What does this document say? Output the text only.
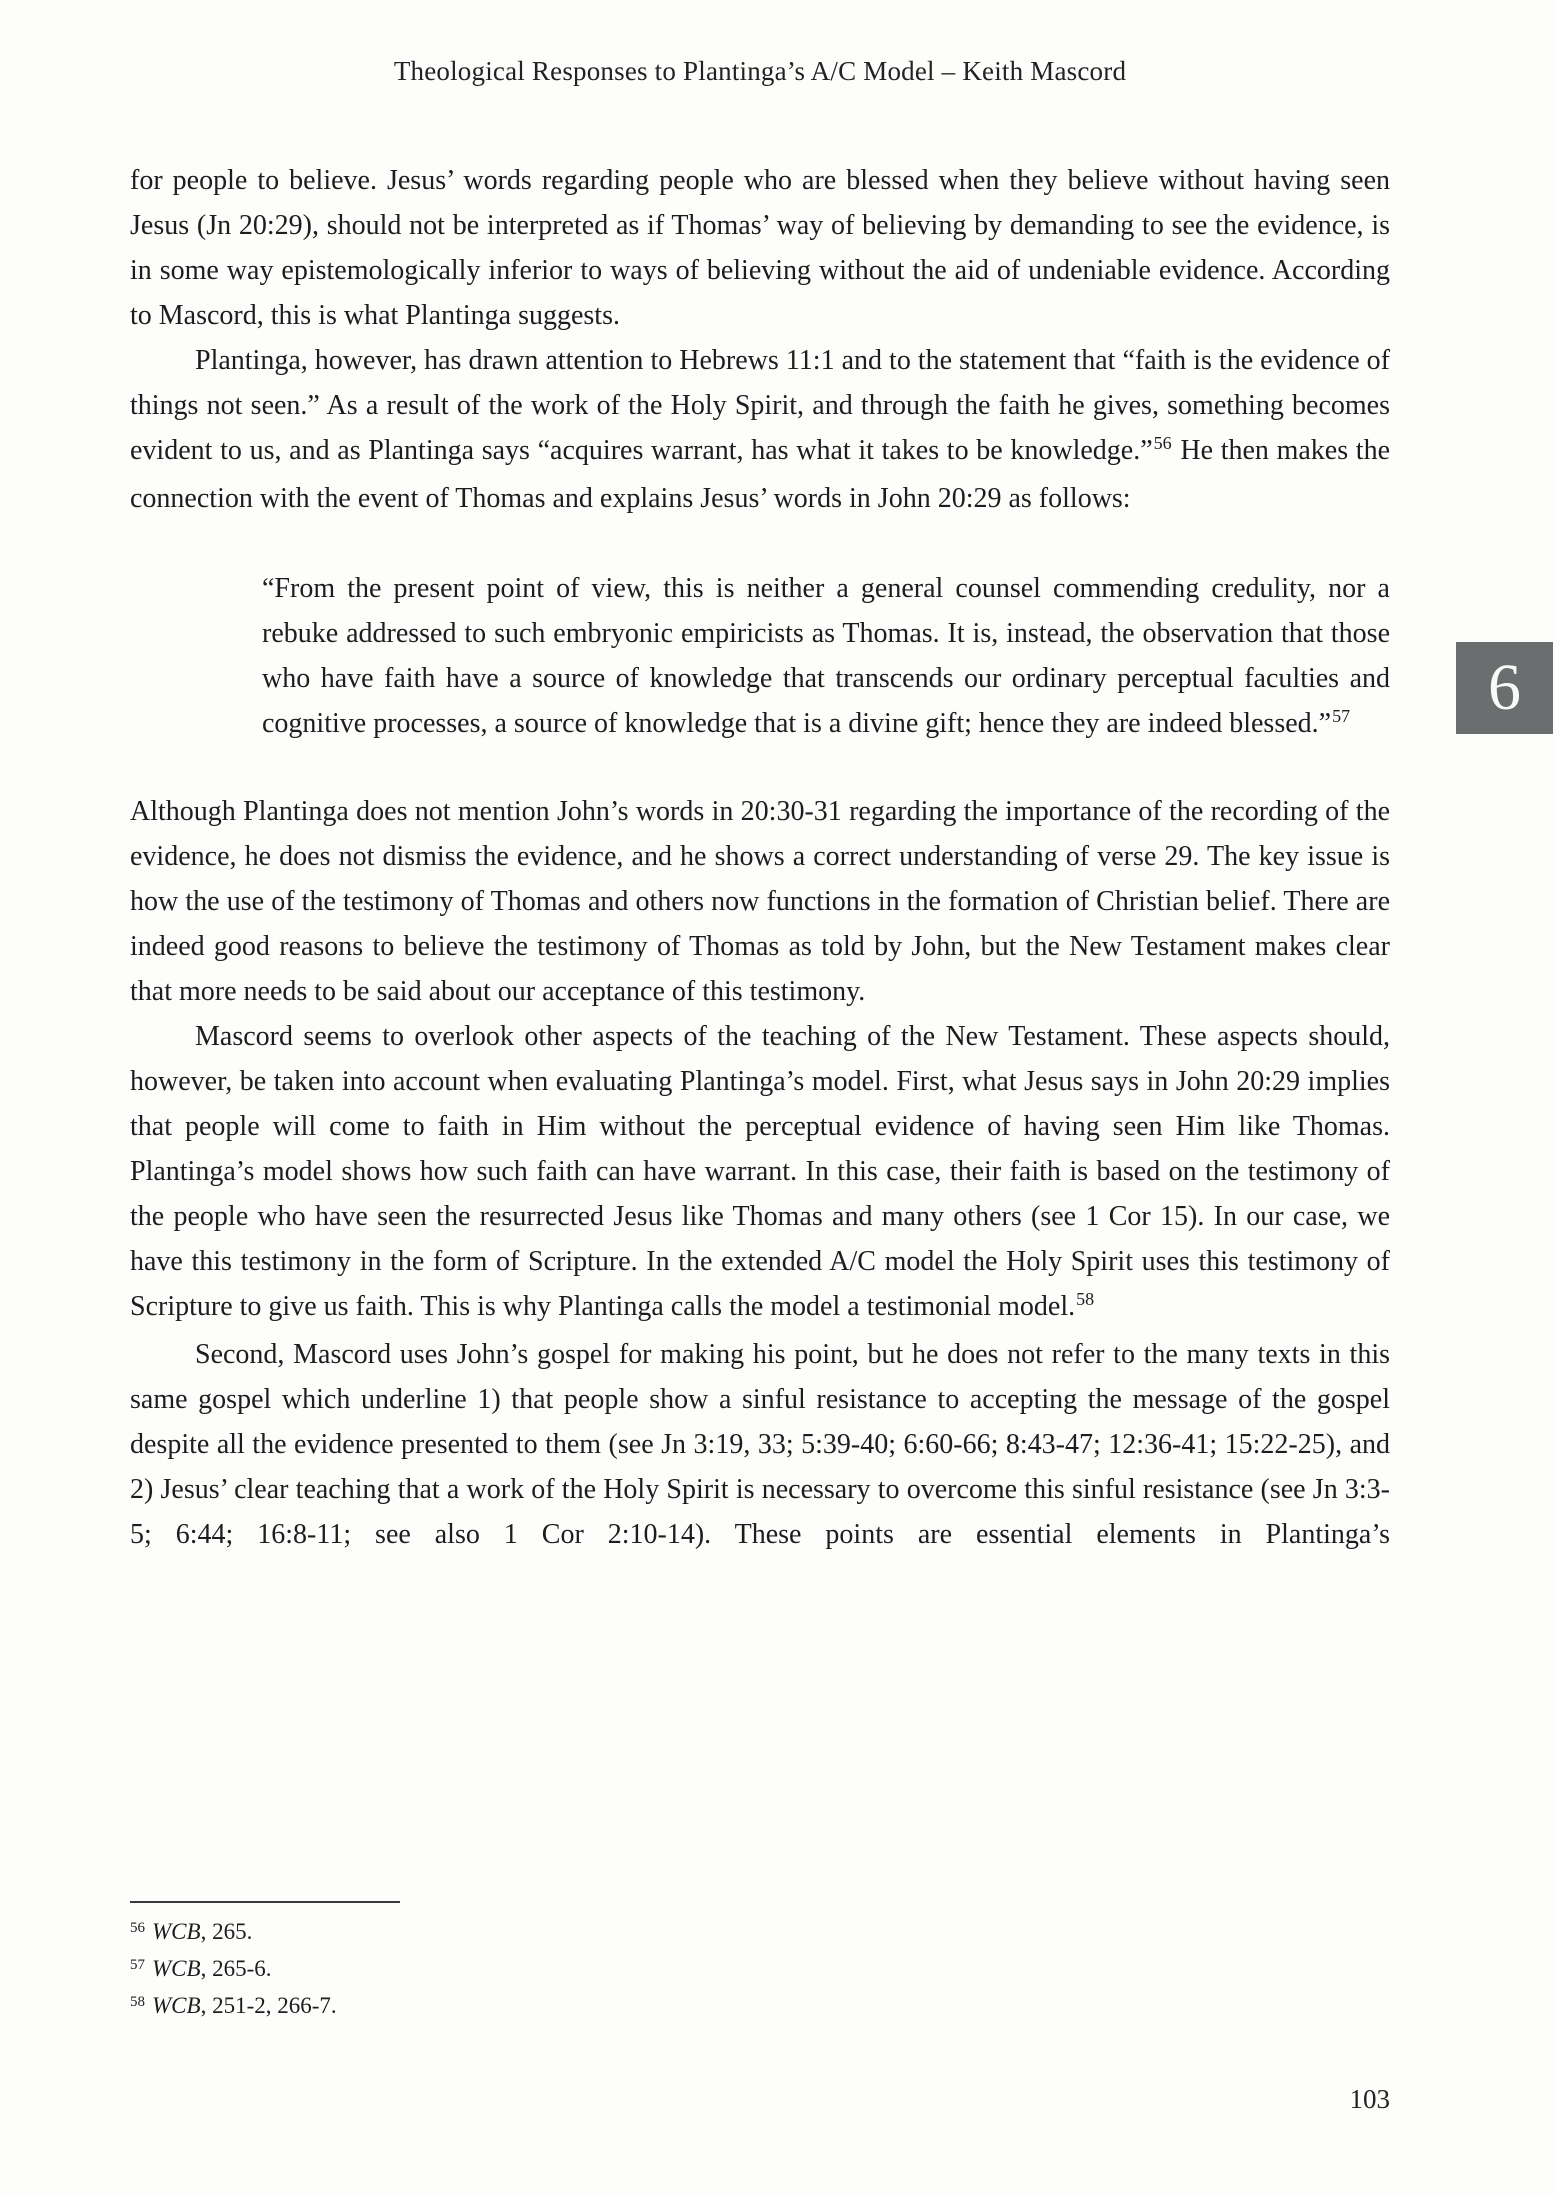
Theological Responses to Plantinga’s A/C Model – Keith Mascord
6

for people to believe. Jesus’ words regarding people who are blessed when they believe without having seen Jesus (Jn 20:29), should not be interpreted as if Thomas’ way of believing by demanding to see the evidence, is in some way epistemologically inferior to ways of believing without the aid of undeniable evidence. According to Mascord, this is what Plantinga suggests.

Plantinga, however, has drawn attention to Hebrews 11:1 and to the statement that “faith is the evidence of things not seen.” As a result of the work of the Holy Spirit, and through the faith he gives, something becomes evident to us, and as Plantinga says “acquires warrant, has what it takes to be knowledge.”$^{56}$ He then makes the connection with the event of Thomas and explains Jesus’ words in John 20:29 as follows:

“From the present point of view, this is neither a general counsel commending credulity, nor a rebuke addressed to such embryonic empiricists as Thomas. It is, instead, the observation that those who have faith have a source of knowledge that transcends our ordinary perceptual faculties and cognitive processes, a source of knowledge that is a divine gift; hence they are indeed blessed.”$^{57}$

Although Plantinga does not mention John’s words in 20:30-31 regarding the importance of the recording of the evidence, he does not dismiss the evidence, and he shows a correct understanding of verse 29. The key issue is how the use of the testimony of Thomas and others now functions in the formation of Christian belief. There are indeed good reasons to believe the testimony of Thomas as told by John, but the New Testament makes clear that more needs to be said about our acceptance of this testimony.

Mascord seems to overlook other aspects of the teaching of the New Testament. These aspects should, however, be taken into account when evaluating Plantinga’s model. First, what Jesus says in John 20:29 implies that people will come to faith in Him without the perceptual evidence of having seen Him like Thomas. Plantinga’s model shows how such faith can have warrant. In this case, their faith is based on the testimony of the people who have seen the resurrected Jesus like Thomas and many others (see 1 Cor 15). In our case, we have this testimony in the form of Scripture. In the extended A/C model the Holy Spirit uses this testimony of Scripture to give us faith. This is why Plantinga calls the model a testimonial model.$^{58}$

Second, Mascord uses John’s gospel for making his point, but he does not refer to the many texts in this same gospel which underline 1) that people show a sinful resistance to accepting the message of the gospel despite all the evidence presented to them (see Jn 3:19, 33; 5:39-40; 6:60-66; 8:43-47; 12:36-41; 15:22-25), and 2) Jesus’ clear teaching that a work of the Holy Spirit is necessary to overcome this sinful resistance (see Jn 3:3-5; 6:44; 16:8-11; see also 1 Cor 2:10-14). These points are essential elements in Plantinga’s

$^{56}$ WCB, 265.
$^{57}$ WCB, 265-6.
$^{58}$ WCB, 251-2, 266-7.
103
